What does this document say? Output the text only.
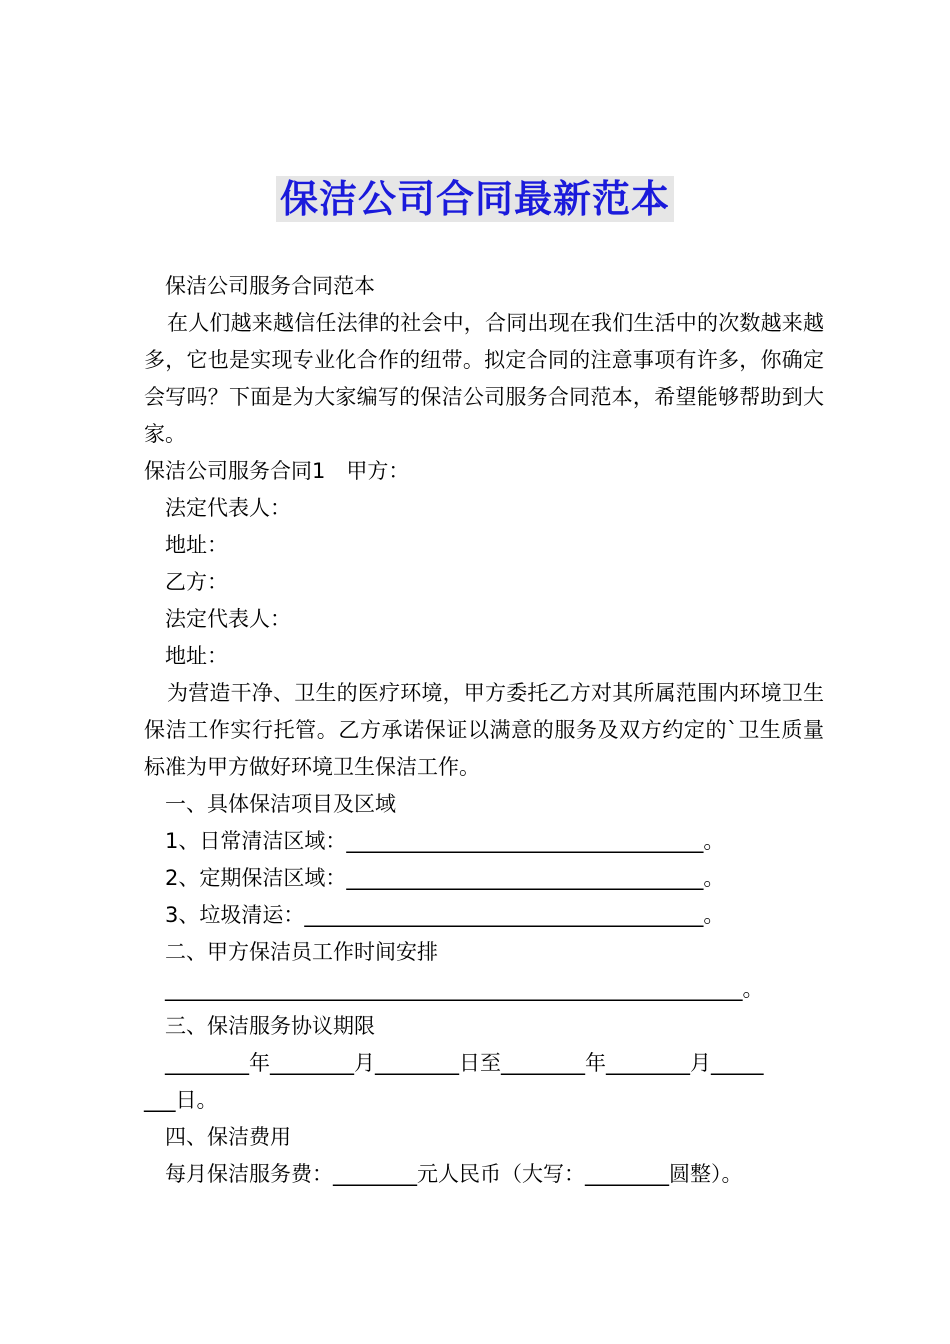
保洁公司合同最新范本
保洁公司服务合同范本

在人们越来越信任法律的社会中，合同出现在我们生活中的次数越来越多，它也是实现专业化合作的纽带。拟定合同的注意事项有许多，你确定会写吗？下面是为大家编写的保洁公司服务合同范本，希望能够帮助到大家。

保洁公司服务合同1　甲方：
法定代表人：
地址：
乙方：
法定代表人：
地址：

为营造干净、卫生的医疗环境，甲方委托乙方对其所属范围内环境卫生保洁工作实行托管。乙方承诺保证以满意的服务及双方约定的`卫生质量标准为甲方做好环境卫生保洁工作。

一、具体保洁项目及区域
1、日常清洁区域：__________________________________。
2、定期保洁区域：__________________________________。
3、垃圾清运：______________________________________。
二、甲方保洁员工作时间安排
_______________________________________________________。
三、保洁服务协议期限
________年________月________日至________年________月_____
___日。
四、保洁费用
每月保洁服务费：________元人民币（大写：________圆整）。
